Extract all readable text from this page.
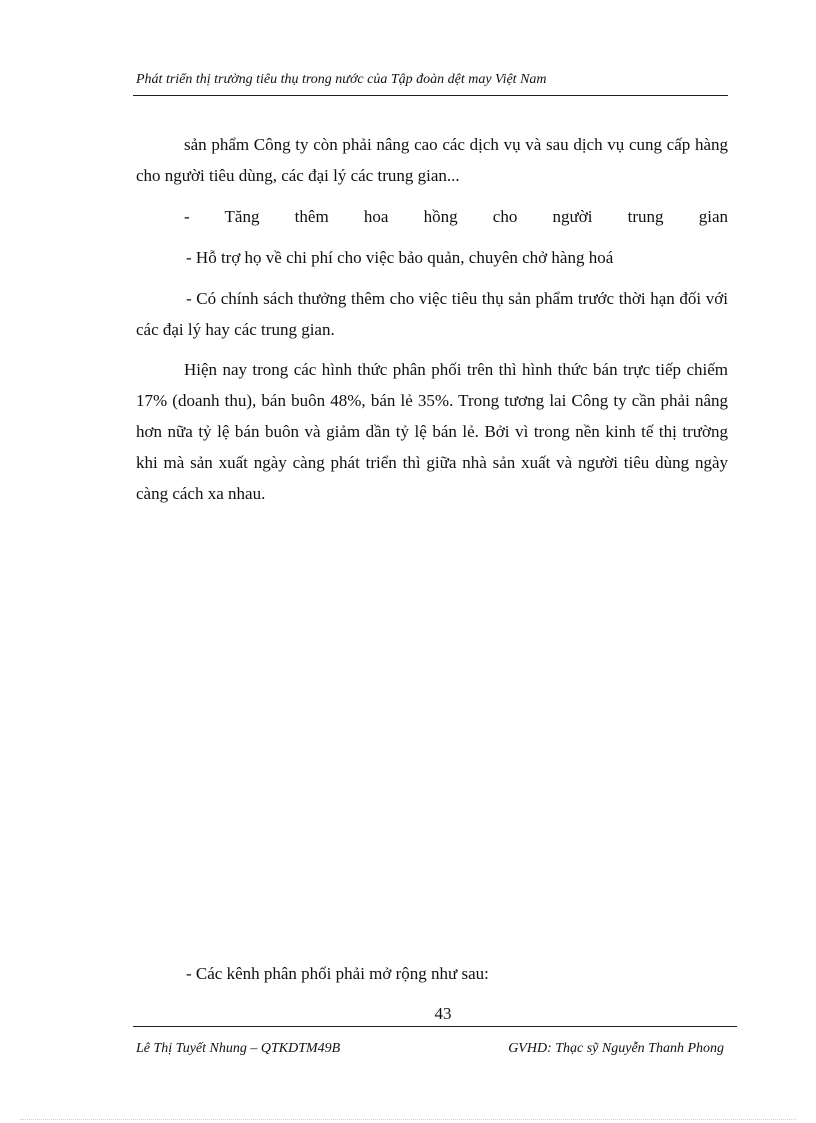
Phát triển thị trường tiêu thụ trong nước của Tập đoàn dệt may Việt Nam

sản phẩm Công ty còn phải nâng cao các dịch vụ và sau dịch vụ cung cấp hàng cho người tiêu dùng, các đại lý các trung gian...

- Tăng thêm hoa hồng cho người trung gian

- Hỗ trợ họ về chi phí cho việc bảo quản, chuyên chở hàng hoá

- Có chính sách thưởng thêm cho việc tiêu thụ sản phẩm trước thời hạn đối với các đại lý hay các trung gian.

Hiện nay trong các hình thức phân phối trên thì hình thức bán trực tiếp chiếm 17% (doanh thu), bán buôn 48%, bán lẻ 35%. Trong tương lai Công ty cần phải nâng hơn nữa tỷ lệ bán buôn và giảm dần tỷ lệ bán lẻ. Bởi vì trong nền kinh tế thị trường khi mà sản xuất ngày càng phát triển thì giữa nhà sản xuất và người tiêu dùng ngày càng cách xa nhau.

- Các kênh phân phối phải mở rộng như sau:

43
Lê Thị Tuyết Nhung – QTKDTM49B	GVHD: Thạc sỹ Nguyễn Thanh Phong
